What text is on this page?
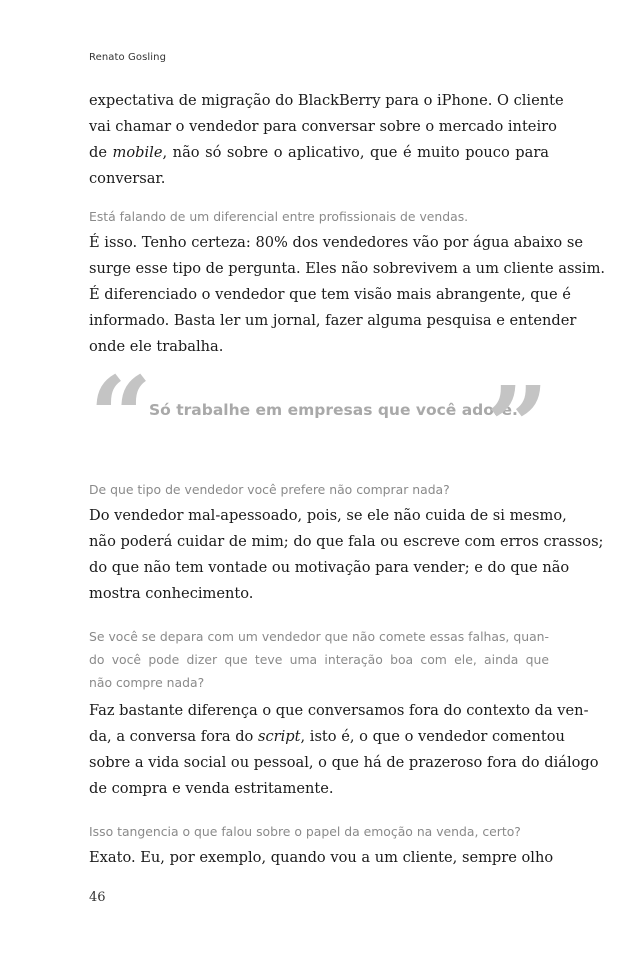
Renato Gosling
expectativa de migração do BlackBerry para o iPhone. O cliente
vai chamar o vendedor para conversar sobre o mercado inteiro
de mobile, não só sobre o aplicativo, que é muito pouco para
conversar.
Está falando de um diferencial entre profissionais de vendas.
É isso. Tenho certeza: 80% dos vendedores vão por água abaixo se
surge esse tipo de pergunta. Eles não sobrevivem a um cliente assim.
É diferenciado o vendedor que tem visão mais abrangente, que é
informado. Basta ler um jornal, fazer alguma pesquisa e entender
onde ele trabalha.
“
Só trabalhe em empresas que você adore.
”
De que tipo de vendedor você prefere não comprar nada?
Do vendedor mal-apessoado, pois, se ele não cuida de si mesmo,
não poderá cuidar de mim; do que fala ou escreve com erros crassos;
do que não tem vontade ou motivação para vender; e do que não
mostra conhecimento.
Se você se depara com um vendedor que não comete essas falhas, quan-
do você pode dizer que teve uma interação boa com ele, ainda que
não compre nada?
Faz bastante diferença o que conversamos fora do contexto da ven-
da, a conversa fora do script, isto é, o que o vendedor comentou
sobre a vida social ou pessoal, o que há de prazeroso fora do diálogo
de compra e venda estritamente.
Isso tangencia o que falou sobre o papel da emoção na venda, certo?
Exato. Eu, por exemplo, quando vou a um cliente, sempre olho
46
